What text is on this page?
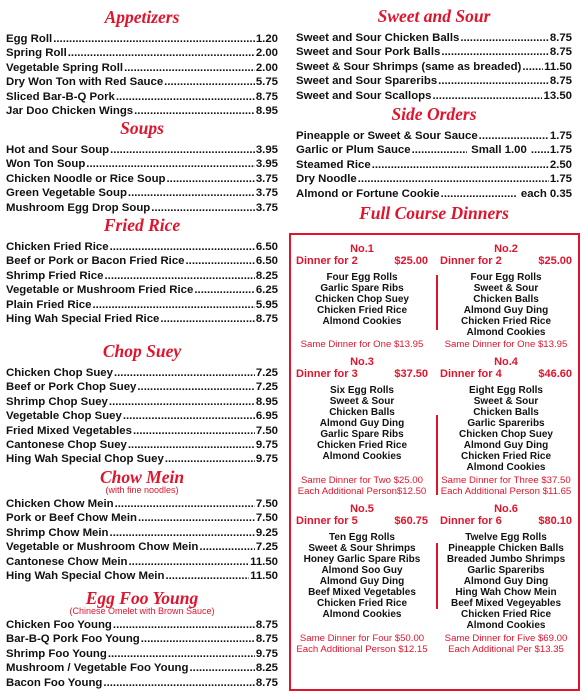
Appetizers
Egg Roll .....	1.20
Spring Roll .....	2.00
Vegetable Spring Roll .....	2.00
Dry Won Ton with Red Sauce .....	5.75
Sliced Bar-B-Q Pork .....	8.75
Jar Doo Chicken Wings .....	8.95
Soups
Hot and Sour Soup .....	3.95
Won Ton Soup .....	3.95
Chicken Noodle or Rice Soup .....	3.75
Green Vegetable Soup .....	3.75
Mushroom Egg Drop Soup .....	3.75
Fried Rice
Chicken Fried Rice .....	6.50
Beef or Pork or Bacon Fried Rice .....	6.50
Shrimp Fried Rice .....	8.25
Vegetable or Mushroom Fried Rice .....	6.25
Plain Fried Rice .....	5.95
Hing Wah Special Fried Rice .....	8.75
Chop Suey
Chicken Chop Suey .....	7.25
Beef or Pork Chop Suey .....	7.25
Shrimp Chop Suey .....	8.95
Vegetable Chop Suey .....	6.95
Fried Mixed Vegetables .....	7.50
Cantonese Chop Suey .....	9.75
Hing Wah Special Chop Suey .....	9.75
Chow Mein
(with fine noodles)
Chicken Chow Mein .....	7.50
Pork or Beef Chow Mein .....	7.50
Shrimp Chow Mein .....	9.25
Vegetable or Mushroom Chow Mein .....	7.25
Cantonese Chow Mein .....	11.50
Hing Wah Special Chow Mein .....	11.50
Egg Foo Young
(Chinese Omelet with Brown Sauce)
Chicken Foo Young .....	8.75
Bar-B-Q Pork Foo Young .....	8.75
Shrimp Foo Young .....	9.75
Mushroom / Vegetable Foo Young .....	8.25
Bacon Foo Young .....	8.75
Sweet and Sour
Sweet and Sour Chicken Balls .....	8.75
Sweet and Sour Pork Balls .....	8.75
Sweet & Sour Shrimps (same as breaded) ..... 11.50
Sweet and Sour Spareribs .....	8.75
Sweet and Sour Scallops .....	13.50
Side Orders
Pineapple or Sweet & Sour Sauce .....	1.75
Garlic or Plum Sauce .....	Small 1.00 ..... 1.75
Steamed Rice .....	2.50
Dry Noodle .....	1.75
Almond or Fortune Cookie .....	each 0.35
Full Course Dinners
No.1
Dinner for 2	$25.00
Four Egg Rolls
Garlic Spare Ribs
Chicken Chop Suey
Chicken Fried Rice
Almond Cookies
Same Dinner for One $13.95
No.2
Dinner for 2	$25.00
Four Egg Rolls
Sweet & Sour
Chicken Balls
Almond Guy Ding
Chicken Fried Rice
Almond Cookies
Same Dinner for One $13.95
No.3
Dinner for 3	$37.50
Six Egg Rolls
Sweet & Sour
Chicken Balls
Almond Guy Ding
Garlic Spare Ribs
Chicken Fried Rice
Almond Cookies
Same Dinner for Two $25.00
Each Additional Person$12.50
No.4
Dinner for 4	$46.60
Eight Egg Rolls
Sweet & Sour
Chicken Balls
Garlic Spareribs
Chicken Chop Suey
Almond Guy Ding
Chicken Fried Rice
Almond Cookies
Same Dinner for Three $37.50
Each Additional Person $11.65
No.5
Dinner for 5	$60.75
Ten Egg Rolls
Sweet & Sour Shrimps
Honey Garlic Spare Ribs
Almond Soo Guy
Almond Guy Ding
Beef Mixed Vegetables
Chicken Fried Rice
Almond Cookies
Same Dinner for Four $50.00
Each Additional Person $12.15
No.6
Dinner for 6	$80.10
Twelve Egg Rolls
Pineapple Chicken Balls
Breaded Jumbo Shrimps
Garlic Spareribs
Almond Guy Ding
Hing Wah Chow Mein
Beef Mixed Vegeyables
Chicken Fried Rice
Almond Cookies
Same Dinner for Five $69.00
Each Additional Per $13.35
